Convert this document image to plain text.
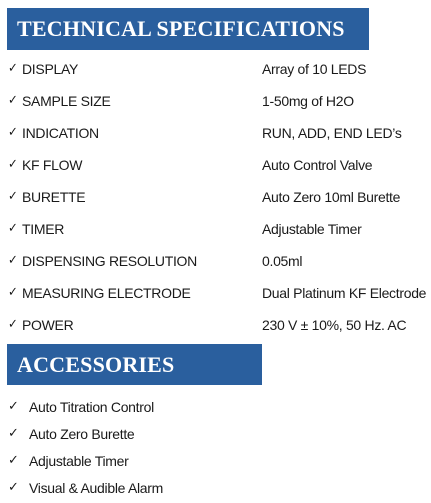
TECHNICAL SPECIFICATIONS
✓ DISPLAY	Array of 10 LEDS
✓ SAMPLE SIZE	1-50mg of H2O
✓ INDICATION	RUN, ADD, END LED’s
✓ KF FLOW	Auto Control Valve
✓ BURETTE	Auto Zero 10ml Burette
✓ TIMER	Adjustable Timer
✓ DISPENSING RESOLUTION	0.05ml
✓ MEASURING ELECTRODE	Dual Platinum KF Electrode
✓ POWER	230 V ± 10%, 50 Hz. AC
ACCESSORIES
✓ Auto Titration Control
✓ Auto Zero Burette
✓ Adjustable Timer
✓ Visual & Audible Alarm
